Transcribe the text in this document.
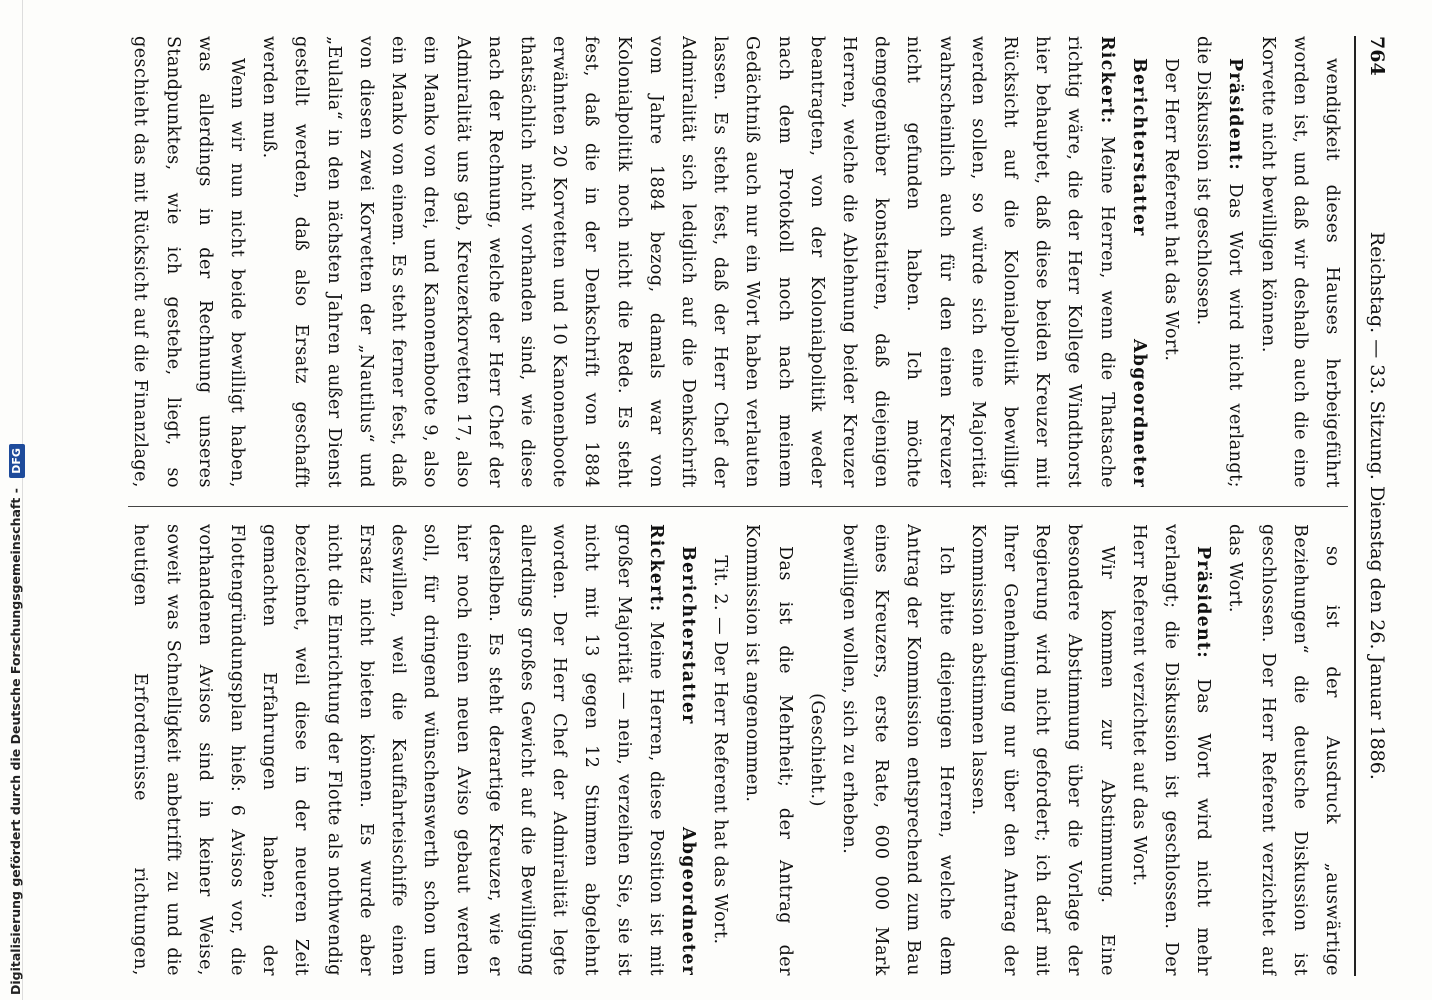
764
Reichstag. — 33. Sitzung. Dienstag den 26. Januar 1886.

wendigkeit dieses Hauses herbeigeführt worden ist, und daß wir deshalb auch die eine Korvette nicht bewilligen können.

Präsident: Das Wort wird nicht verlangt; die Diskussion ist geschlossen.

Der Herr Referent hat das Wort.

Berichterstatter Abgeordneter Rickert: Meine Herren, wenn die Thatsache richtig wäre, die der Herr Kollege Windthorst hier behauptet, daß diese beiden Kreuzer mit Rücksicht auf die Kolonialpolitik bewilligt werden sollen, so würde sich eine Majorität wahrscheinlich auch für den einen Kreuzer nicht gefunden haben. Ich möchte demgegenüber konstatiren, daß diejenigen Herren, welche die Ablehnung beider Kreuzer beantragten, von der Kolonialpolitik weder nach dem Protokoll noch nach meinem Gedächtniß auch nur ein Wort haben verlauten lassen. Es steht fest, daß der Herr Chef der Admiralität sich lediglich auf die Denkschrift vom Jahre 1884 bezog, damals war von Kolonialpolitik noch nicht die Rede. Es steht fest, daß die in der Denkschrift von 1884 erwähnten 20 Korvetten und 10 Kanonenboote thatsächlich nicht vorhanden sind, wie diese nach der Rechnung, welche der Herr Chef der Admiralität uns gab, Kreuzerkorvetten 17, also ein Manko von drei, und Kanonenboote 9, also ein Manko von einem. Es steht ferner fest, daß von diesen zwei Korvetten der „Nautilus“ und „Eulalia“ in den nächsten Jahren außer Dienst gestellt werden, daß also Ersatz geschafft werden muß.

Wenn wir nun nicht beide bewilligt haben, was allerdings in der Rechnung unseres Standpunktes, wie ich gestehe, liegt, so geschieht das mit Rücksicht auf die Finanzlage,

so ist der Ausdruck „auswärtige Beziehungen“ die deutsche Diskussion ist geschlossen. Der Herr Referent verzichtet auf das Wort.

Präsident: Das Wort wird nicht mehr verlangt; die Diskussion ist geschlossen. Der Herr Referent verzichtet auf das Wort.

Wir kommen zur Abstimmung. Eine besondere Abstimmung über die Vorlage der Regierung wird nicht gefordert; ich darf mit Ihrer Genehmigung nur über den Antrag der Kommission abstimmen lassen.

Ich bitte diejenigen Herren, welche dem Antrag der Kommission entsprechend zum Bau eines Kreuzers, erste Rate, 600 000 Mark bewilligen wollen, sich zu erheben.

(Geschieht.)

Das ist die Mehrheit; der Antrag der Kommission ist angenommen.

Tit. 2. — Der Herr Referent hat das Wort.

Berichterstatter Abgeordneter Rickert: Meine Herren, diese Position ist mit großer Majorität — nein, verzeihen Sie, sie ist nicht mit 13 gegen 12 Stimmen abgelehnt worden. Der Herr Chef der Admiralität legte allerdings großes Gewicht auf die Bewilligung derselben. Es steht derartige Kreuzer, wie er hier noch einen neuen Aviso gebaut werden soll, für dringend wünschenswerth schon um deswillen, weil die Kauffahrteischiffe einen Ersatz nicht bieten können. Es wurde aber nicht die Einrichtung der Flotte als nothwendig bezeichnet, weil diese in der neueren Zeit gemachten Erfahrungen haben; der Flottengründungsplan hieß: 6 Avisos vor, die vorhandenen Avisos sind in keiner Weise, soweit was Schnelligkeit anbetrifft zu und die heutigen Erfordernisse richtungen,

Digitalisierung gefördert durch die Deutsche Forschungsgemeinschaft - DFG
